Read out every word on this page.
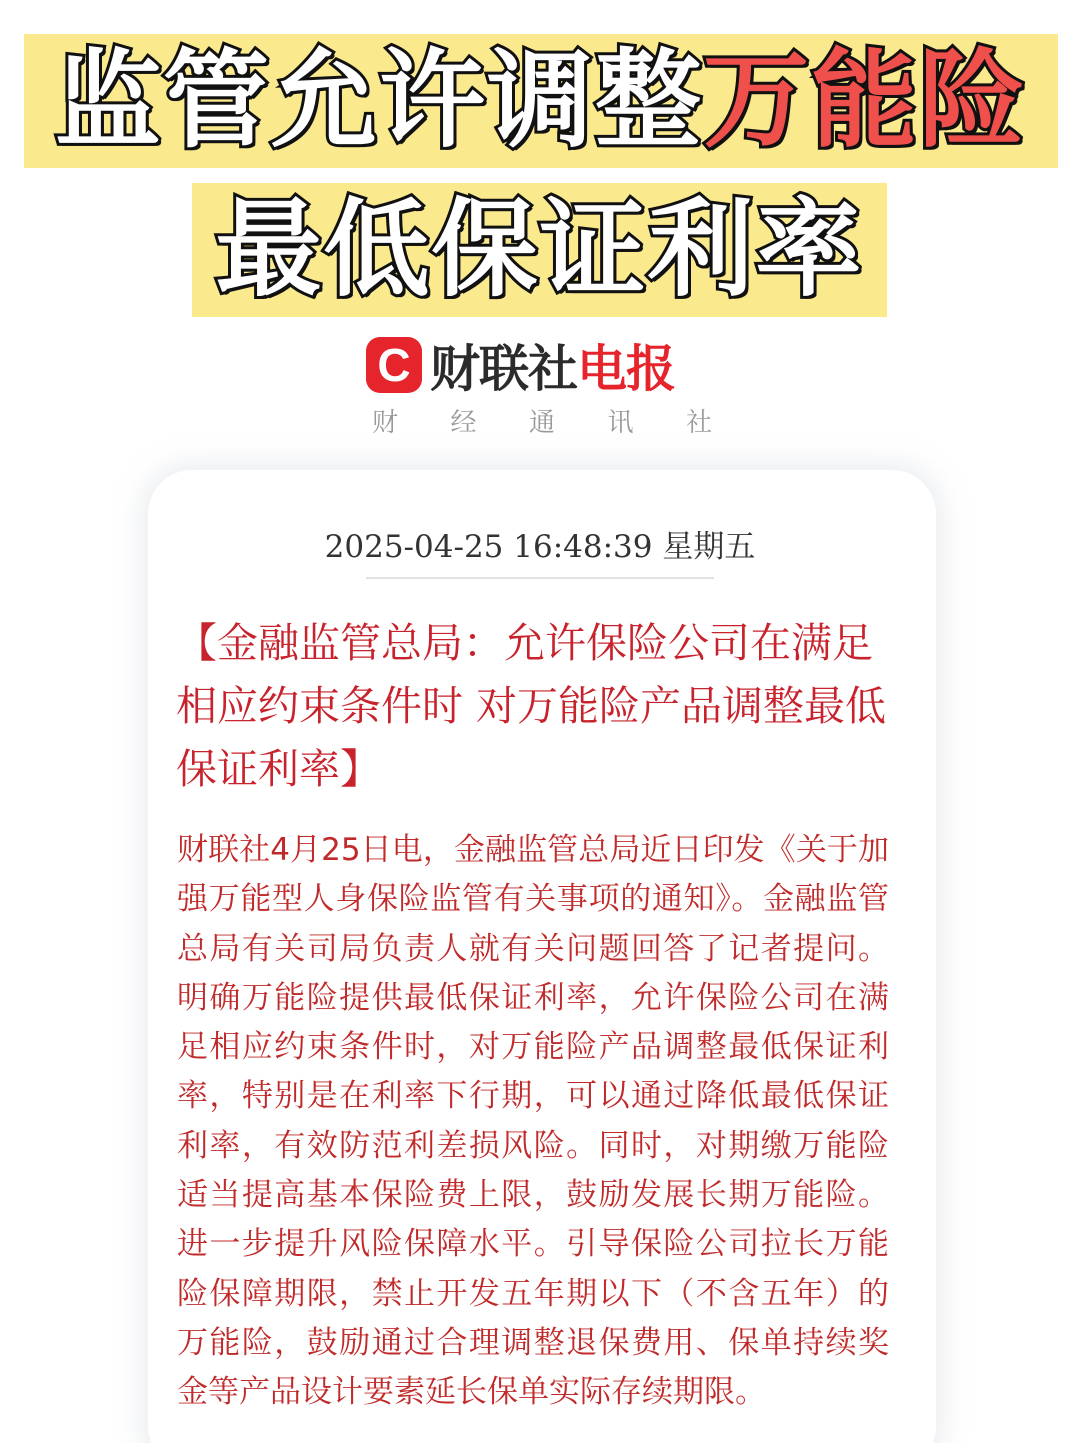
监管允许调整 万能险
最低保证利率
C 财联社 电报
财 经 通 讯 社
2025-04-25 16:48:39 星期五
【金融监管总局：允许保险公司在满足相应约束条件时 对万能险产品调整最低保证利率】

财联社4月25日电，金融监管总局近日印发《关于加强万能型人身保险监管有关事项的通知》。金融监管总局有关司局负责人就有关问题回答了记者提问。明确万能险提供最低保证利率，允许保险公司在满足相应约束条件时，对万能险产品调整最低保证利率，特别是在利率下行期，可以通过降低最低保证利率，有效防范利差损风险。同时，对期缴万能险适当提高基本保险费上限，鼓励发展长期万能险。进一步提升风险保障水平。引导保险公司拉长万能险保障期限，禁止开发五年期以下（不含五年）的万能险，鼓励通过合理调整退保费用、保单持续奖金等产品设计要素延长保单实际存续期限。
